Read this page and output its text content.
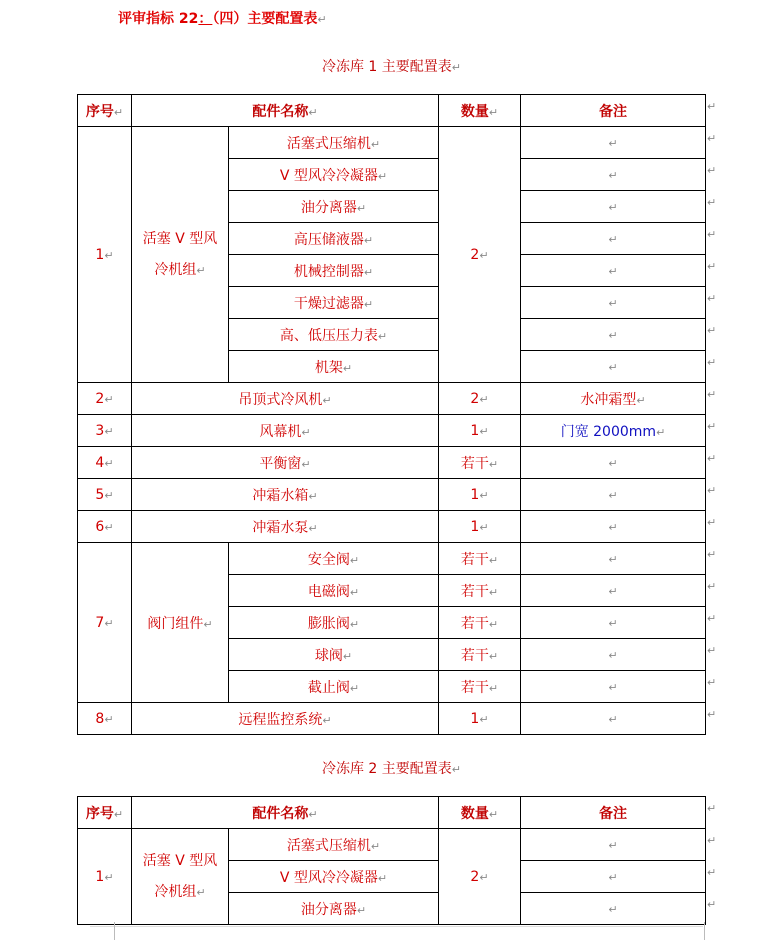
评审指标 22：（四）主要配置表↵
冷冻库 1 主要配置表↵
序号↵	配件名称↵		数量↵	备注
1↵	活塞 V 型风
冷机组↵	活塞式压缩机↵	2↵	↵
		V 型风冷冷凝器↵		↵
		油分离器↵		↵
		高压储液器↵		↵
		机械控制器↵		↵
		干燥过滤器↵		↵
		高、低压压力表↵		↵
		机架↵		↵
2↵	吊顶式冷风机↵		2↵	水冲霜型↵
3↵	风幕机↵		1↵	门宽 2000mm↵
4↵	平衡窗↵		若干↵	↵
5↵	冲霜水箱↵		1↵	↵
6↵	冲霜水泵↵		1↵	↵
7↵	阀门组件↵	安全阀↵	若干↵	↵
		电磁阀↵	若干↵	↵
		膨胀阀↵	若干↵	↵
		球阀↵	若干↵	↵
		截止阀↵	若干↵	↵
8↵	远程监控系统↵		1↵	↵
↵
↵
↵
↵
↵
↵
↵
↵
↵
↵
↵
↵
↵
↵
↵
↵
↵
↵
↵
↵
冷冻库 2 主要配置表↵
序号↵	配件名称↵		数量↵	备注
1↵	活塞 V 型风
冷机组↵	活塞式压缩机↵	2↵	↵
		V 型风冷冷凝器↵		↵
		油分离器↵		↵
↵
↵
↵
↵
